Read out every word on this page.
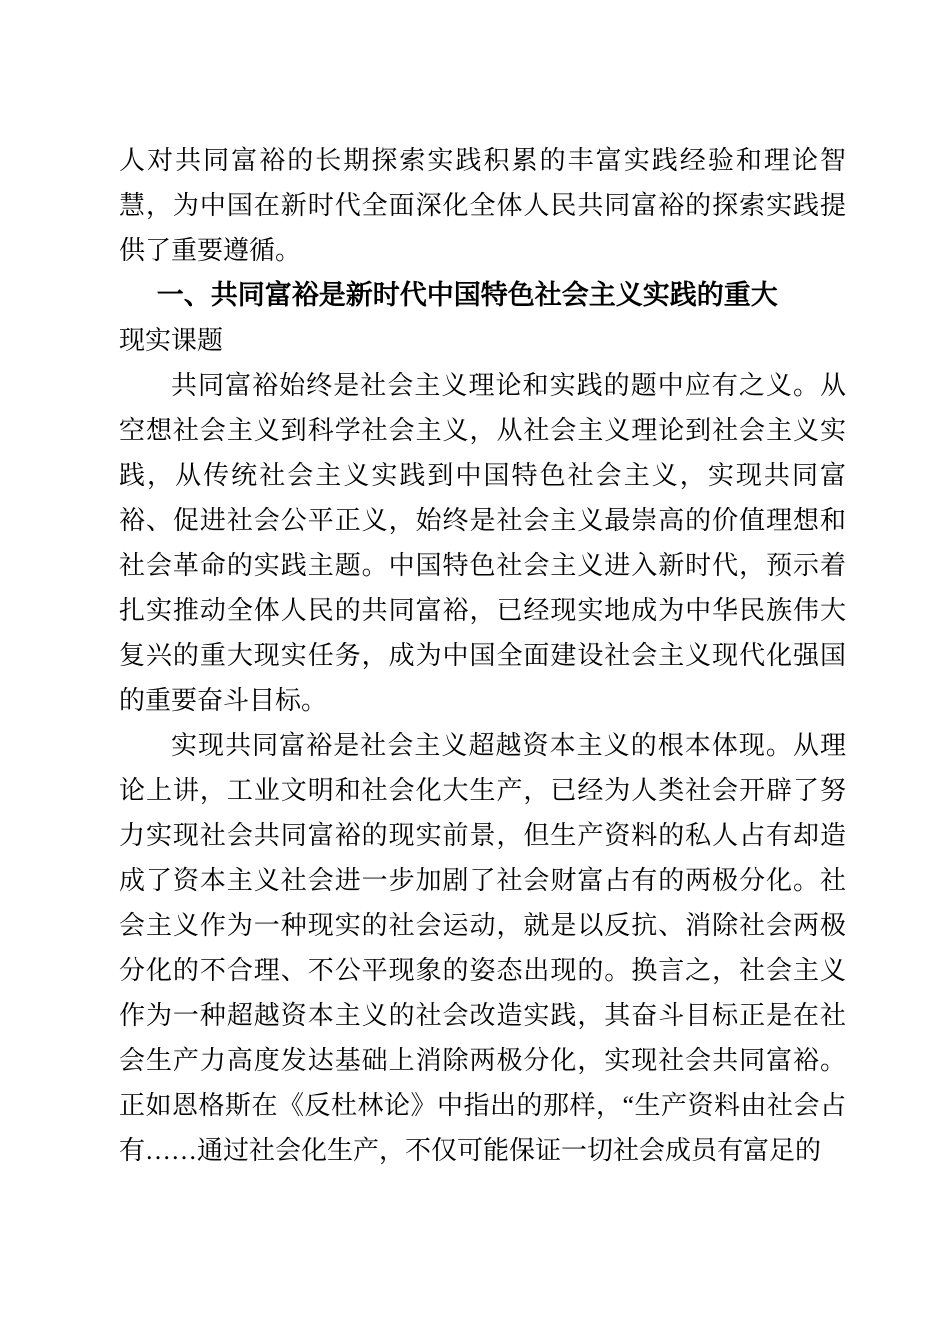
人对共同富裕的长期探索实践积累的丰富实践经验和理论智慧，为中国在新时代全面深化全体人民共同富裕的探索实践提供了重要遵循。

一、共同富裕是新时代中国特色社会主义实践的重大

现实课题

共同富裕始终是社会主义理论和实践的题中应有之义。从空想社会主义到科学社会主义，从社会主义理论到社会主义实践，从传统社会主义实践到中国特色社会主义，实现共同富裕、促进社会公平正义，始终是社会主义最崇高的价值理想和社会革命的实践主题。中国特色社会主义进入新时代，预示着扎实推动全体人民的共同富裕，已经现实地成为中华民族伟大复兴的重大现实任务，成为中国全面建设社会主义现代化强国的重要奋斗目标。

实现共同富裕是社会主义超越资本主义的根本体现。从理论上讲，工业文明和社会化大生产，已经为人类社会开辟了努力实现社会共同富裕的现实前景，但生产资料的私人占有却造成了资本主义社会进一步加剧了社会财富占有的两极分化。社会主义作为一种现实的社会运动，就是以反抗、消除社会两极分化的不合理、不公平现象的姿态出现的。换言之，社会主义作为一种超越资本主义的社会改造实践，其奋斗目标正是在社会生产力高度发达基础上消除两极分化，实现社会共同富裕。正如恩格斯在《反杜林论》中指出的那样，“生产资料由社会占有……通过社会化生产，不仅可能保证一切社会成员有富足的
